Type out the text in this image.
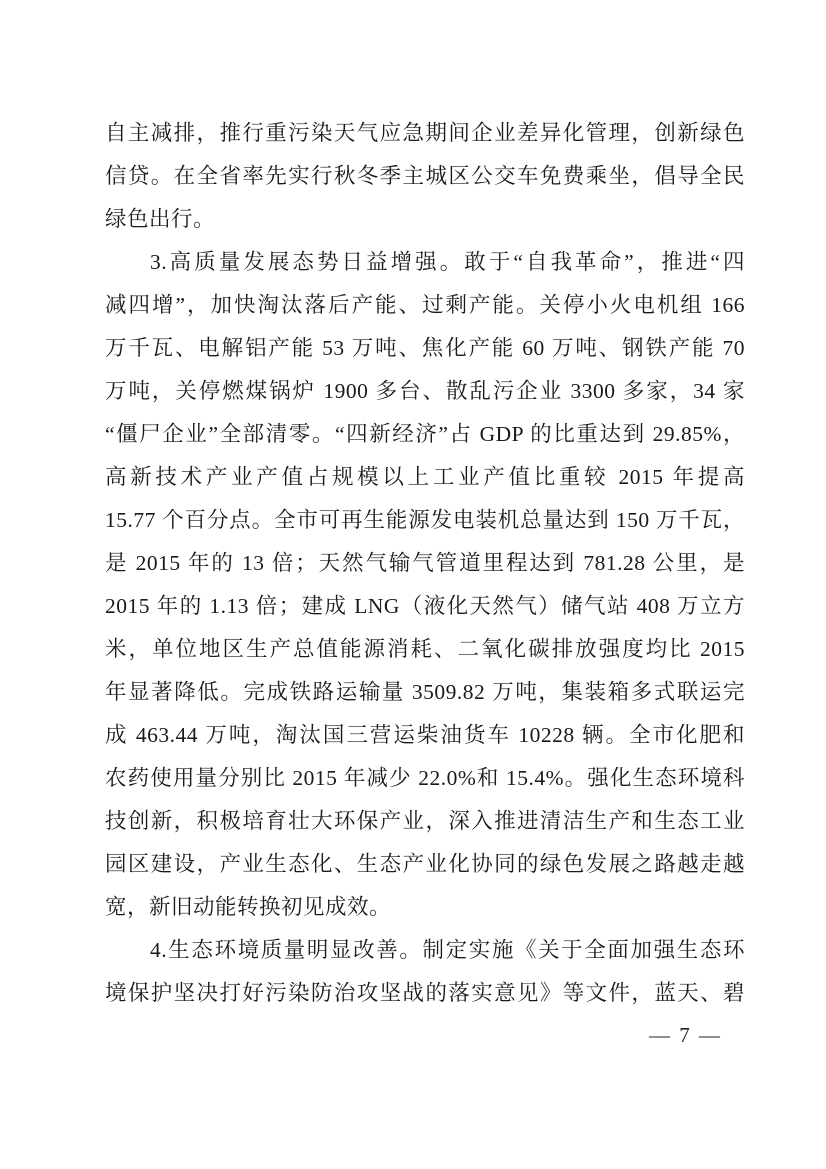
自主减排，推行重污染天气应急期间企业差异化管理，创新绿色
信贷。在全省率先实行秋冬季主城区公交车免费乘坐，倡导全民
绿色出行。
3.高质量发展态势日益增强。敢于“自我革命”，推进“四
减四增”，加快淘汰落后产能、过剩产能。关停小火电机组 166
万千瓦、电解铝产能 53 万吨、焦化产能 60 万吨、钢铁产能 70
万吨，关停燃煤锅炉 1900 多台、散乱污企业 3300 多家，34 家
“僵尸企业”全部清零。“四新经济”占 GDP 的比重达到 29.85%，
高新技术产业产值占规模以上工业产值比重较 2015 年提高
15.77 个百分点。全市可再生能源发电装机总量达到 150 万千瓦，
是 2015 年的 13 倍；天然气输气管道里程达到 781.28 公里，是
2015 年的 1.13 倍；建成 LNG（液化天然气）储气站 408 万立方
米，单位地区生产总值能源消耗、二氧化碳排放强度均比 2015
年显著降低。完成铁路运输量 3509.82 万吨，集装箱多式联运完
成 463.44 万吨，淘汰国三营运柴油货车 10228 辆。全市化肥和
农药使用量分别比 2015 年减少 22.0%和 15.4%。强化生态环境科
技创新，积极培育壮大环保产业，深入推进清洁生产和生态工业
园区建设，产业生态化、生态产业化协同的绿色发展之路越走越
宽，新旧动能转换初见成效。
4.生态环境质量明显改善。制定实施《关于全面加强生态环
境保护坚决打好污染防治攻坚战的落实意见》等文件，蓝天、碧
— 7 —
